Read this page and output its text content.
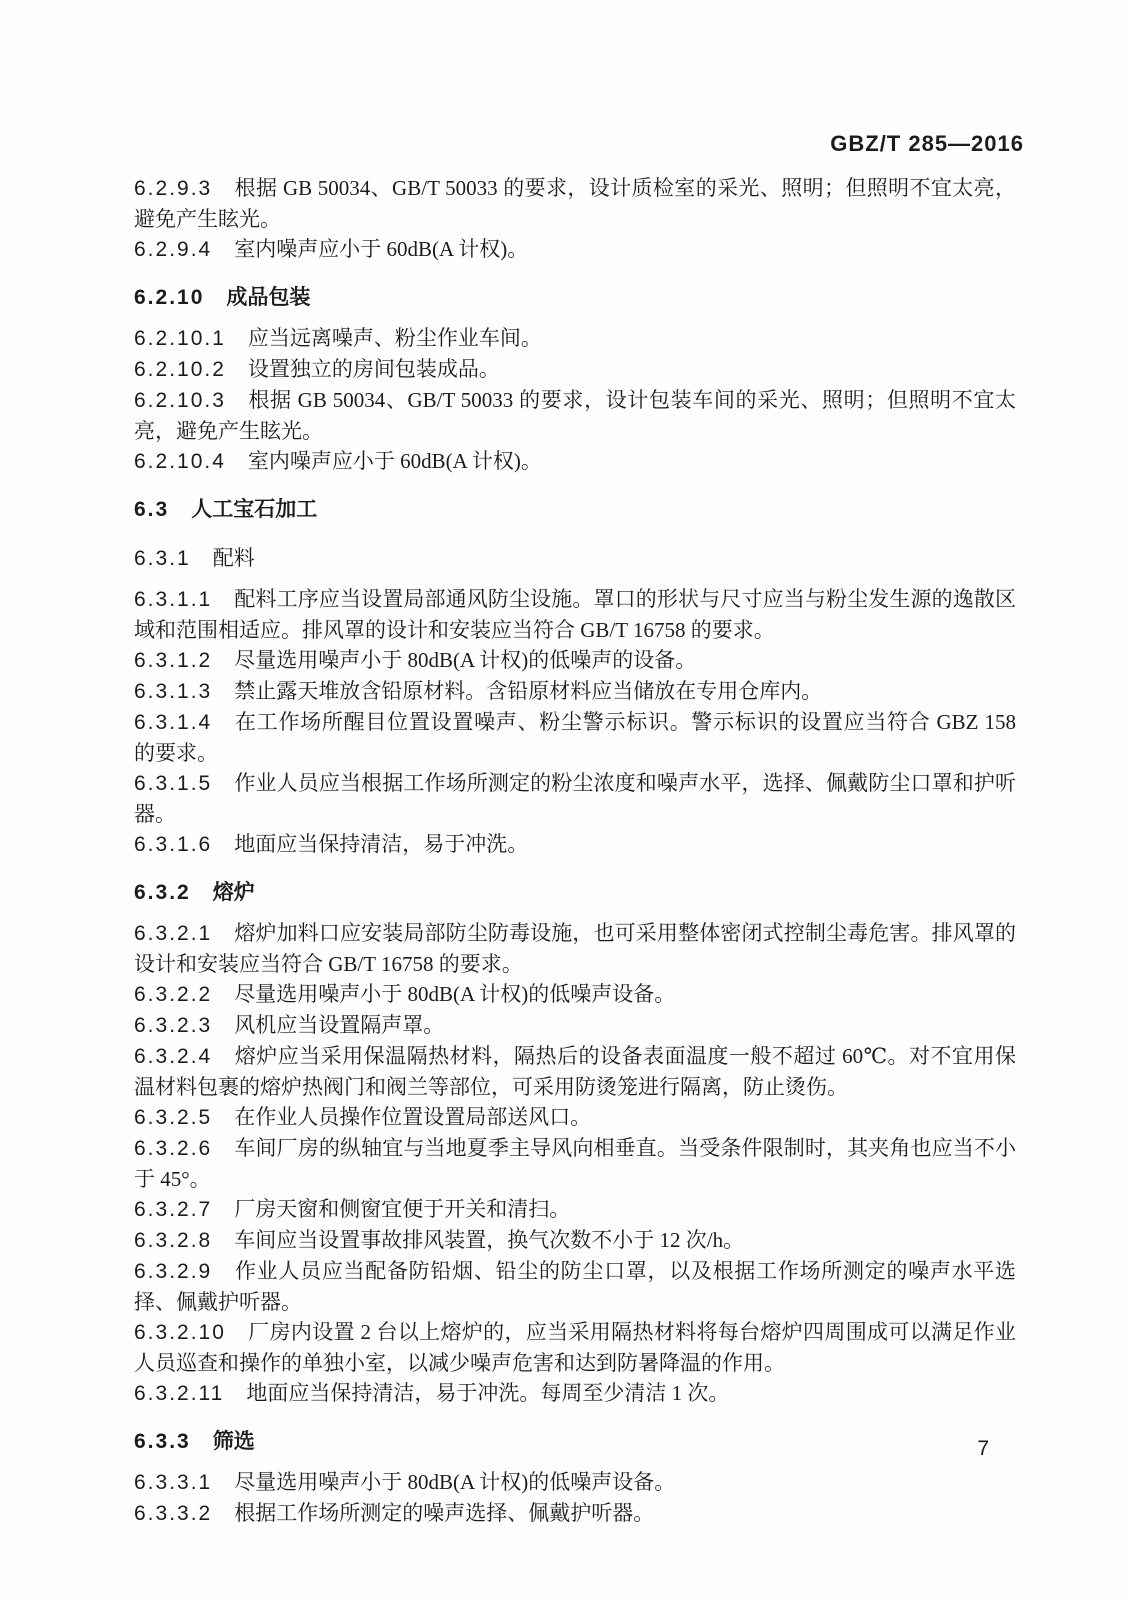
GBZ/T 285—2016

6.2.9.3 根据 GB 50034、GB/T 50033 的要求，设计质检室的采光、照明；但照明不宜太亮，避免产生眩光。

6.2.9.4 室内噪声应小于 60dB(A 计权)。

6.2.10 成品包装

6.2.10.1 应当远离噪声、粉尘作业车间。

6.2.10.2 设置独立的房间包装成品。

6.2.10.3 根据 GB 50034、GB/T 50033 的要求，设计包装车间的采光、照明；但照明不宜太亮，避免产生眩光。

6.2.10.4 室内噪声应小于 60dB(A 计权)。

6.3 人工宝石加工

6.3.1 配料

6.3.1.1 配料工序应当设置局部通风防尘设施。罩口的形状与尺寸应当与粉尘发生源的逸散区域和范围相适应。排风罩的设计和安装应当符合 GB/T 16758 的要求。

6.3.1.2 尽量选用噪声小于 80dB(A 计权)的低噪声的设备。

6.3.1.3 禁止露天堆放含铅原材料。含铅原材料应当储放在专用仓库内。

6.3.1.4 在工作场所醒目位置设置噪声、粉尘警示标识。警示标识的设置应当符合 GBZ 158 的要求。

6.3.1.5 作业人员应当根据工作场所测定的粉尘浓度和噪声水平，选择、佩戴防尘口罩和护听器。

6.3.1.6 地面应当保持清洁，易于冲洗。

6.3.2 熔炉

6.3.2.1 熔炉加料口应安装局部防尘防毒设施，也可采用整体密闭式控制尘毒危害。排风罩的设计和安装应当符合 GB/T 16758 的要求。

6.3.2.2 尽量选用噪声小于 80dB(A 计权)的低噪声设备。

6.3.2.3 风机应当设置隔声罩。

6.3.2.4 熔炉应当采用保温隔热材料，隔热后的设备表面温度一般不超过 60℃。对不宜用保温材料包裹的熔炉热阀门和阀兰等部位，可采用防烫笼进行隔离，防止烫伤。

6.3.2.5 在作业人员操作位置设置局部送风口。

6.3.2.6 车间厂房的纵轴宜与当地夏季主导风向相垂直。当受条件限制时，其夹角也应当不小于 45°。

6.3.2.7 厂房天窗和侧窗宜便于开关和清扫。

6.3.2.8 车间应当设置事故排风装置，换气次数不小于 12 次/h。

6.3.2.9 作业人员应当配备防铅烟、铅尘的防尘口罩，以及根据工作场所测定的噪声水平选择、佩戴护听器。

6.3.2.10 厂房内设置 2 台以上熔炉的，应当采用隔热材料将每台熔炉四周围成可以满足作业人员巡查和操作的单独小室，以减少噪声危害和达到防暑降温的作用。

6.3.2.11 地面应当保持清洁，易于冲洗。每周至少清洁 1 次。

6.3.3 筛选

6.3.3.1 尽量选用噪声小于 80dB(A 计权)的低噪声设备。

6.3.3.2 根据工作场所测定的噪声选择、佩戴护听器。

7
